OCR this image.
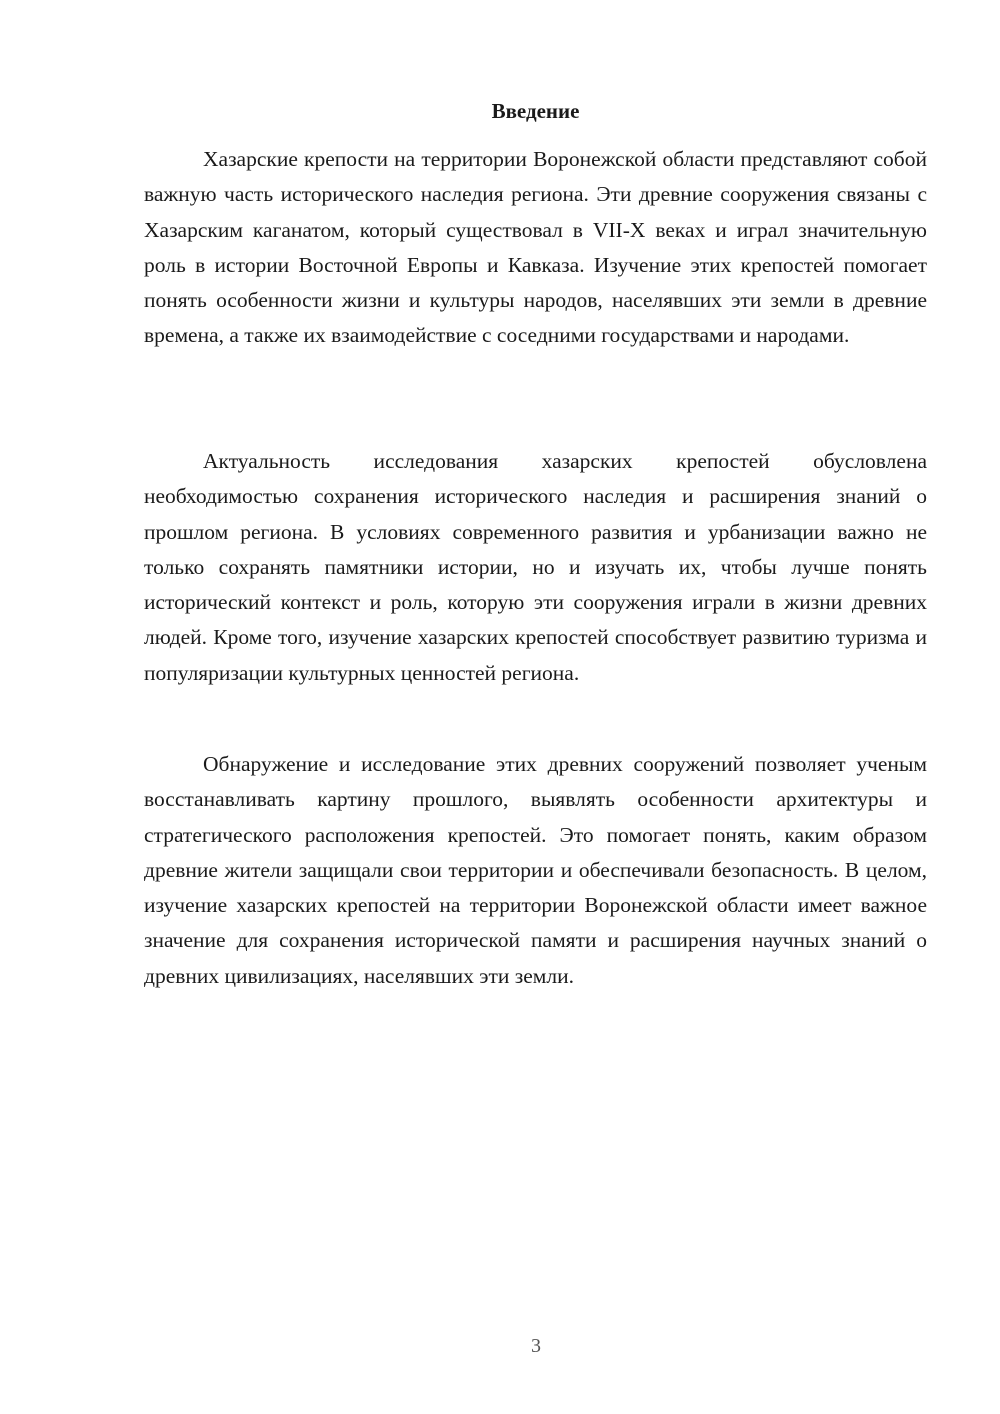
Введение

Хазарские крепости на территории Воронежской области представляют собой важную часть исторического наследия региона. Эти древние сооружения связаны с Хазарским каганатом, который существовал в VII-X веках и играл значительную роль в истории Восточной Европы и Кавказа. Изучение этих крепостей помогает понять особенности жизни и культуры народов, населявших эти земли в древние времена, а также их взаимодействие с соседними государствами и народами.

Актуальность исследования хазарских крепостей обусловлена необходимостью сохранения исторического наследия и расширения знаний о прошлом региона. В условиях современного развития и урбанизации важно не только сохранять памятники истории, но и изучать их, чтобы лучше понять исторический контекст и роль, которую эти сооружения играли в жизни древних людей. Кроме того, изучение хазарских крепостей способствует развитию туризма и популяризации культурных ценностей региона.

Обнаружение и исследование этих древних сооружений позволяет ученым восстанавливать картину прошлого, выявлять особенности архитектуры и стратегического расположения крепостей. Это помогает понять, каким образом древние жители защищали свои территории и обеспечивали безопасность. В целом, изучение хазарских крепостей на территории Воронежской области имеет важное значение для сохранения исторической памяти и расширения научных знаний о древних цивилизациях, населявших эти земли.

3
